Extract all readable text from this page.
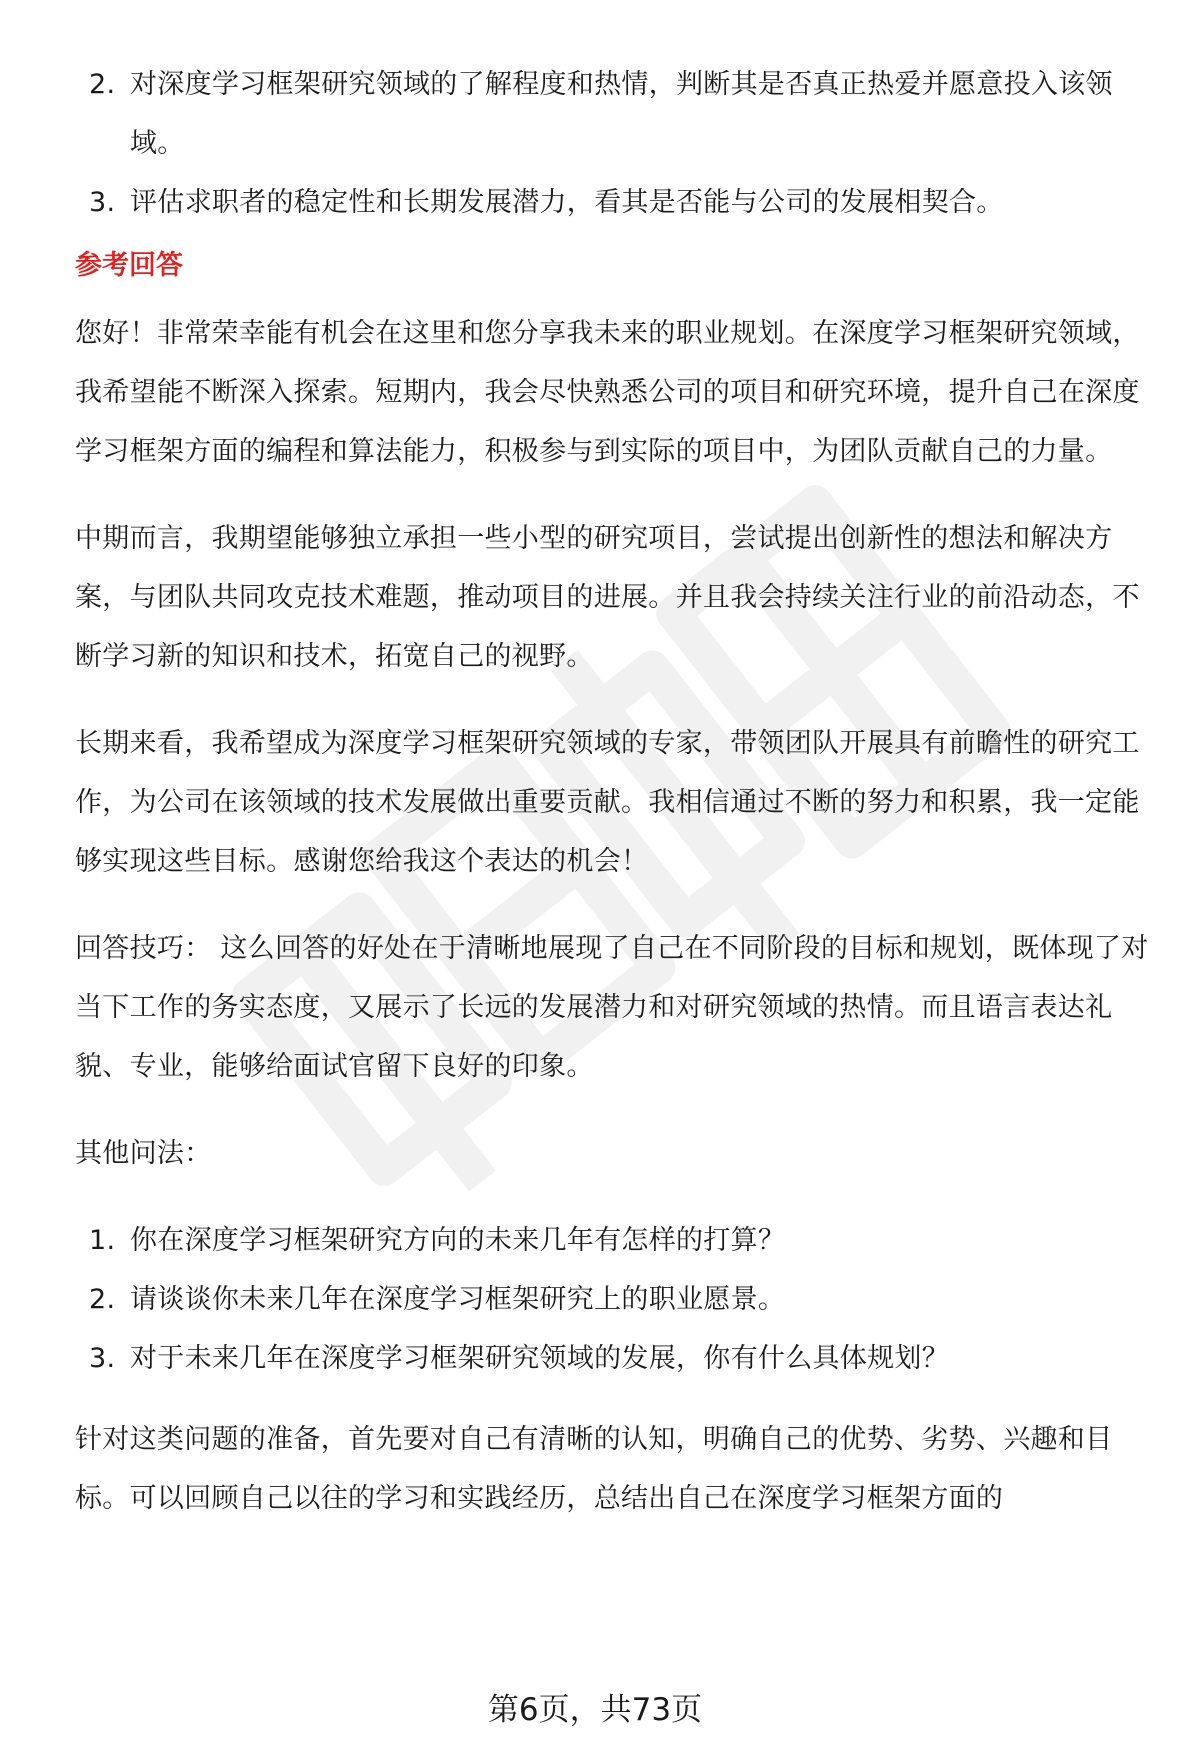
2. 对深度学习框架研究领域的了解程度和热情，判断其是否真正热爱并愿意投入该领域。
3. 评估求职者的稳定性和长期发展潜力，看其是否能与公司的发展相契合。
参考回答

您好！非常荣幸能有机会在这里和您分享我未来的职业规划。在深度学习框架研究领域，我希望能不断深入探索。短期内，我会尽快熟悉公司的项目和研究环境，提升自己在深度学习框架方面的编程和算法能力，积极参与到实际的项目中，为团队贡献自己的力量。

中期而言，我期望能够独立承担一些小型的研究项目，尝试提出创新性的想法和解决方案，与团队共同攻克技术难题，推动项目的进展。并且我会持续关注行业的前沿动态，不断学习新的知识和技术，拓宽自己的视野。

长期来看，我希望成为深度学习框架研究领域的专家，带领团队开展具有前瞻性的研究工作，为公司在该领域的技术发展做出重要贡献。我相信通过不断的努力和积累，我一定能够实现这些目标。感谢您给我这个表达的机会！

回答技巧： 这么回答的好处在于清晰地展现了自己在不同阶段的目标和规划，既体现了对当下工作的务实态度，又展示了长远的发展潜力和对研究领域的热情。而且语言表达礼貌、专业，能够给面试官留下良好的印象。

其他问法：

1. 你在深度学习框架研究方向的未来几年有怎样的打算？
2. 请谈谈你未来几年在深度学习框架研究上的职业愿景。
3. 对于未来几年在深度学习框架研究领域的发展，你有什么具体规划？

针对这类问题的准备，首先要对自己有清晰的认知，明确自己的优势、劣势、兴趣和目标。可以回顾自己以往的学习和实践经历，总结出自己在深度学习框架方面的

第6页，共73页
